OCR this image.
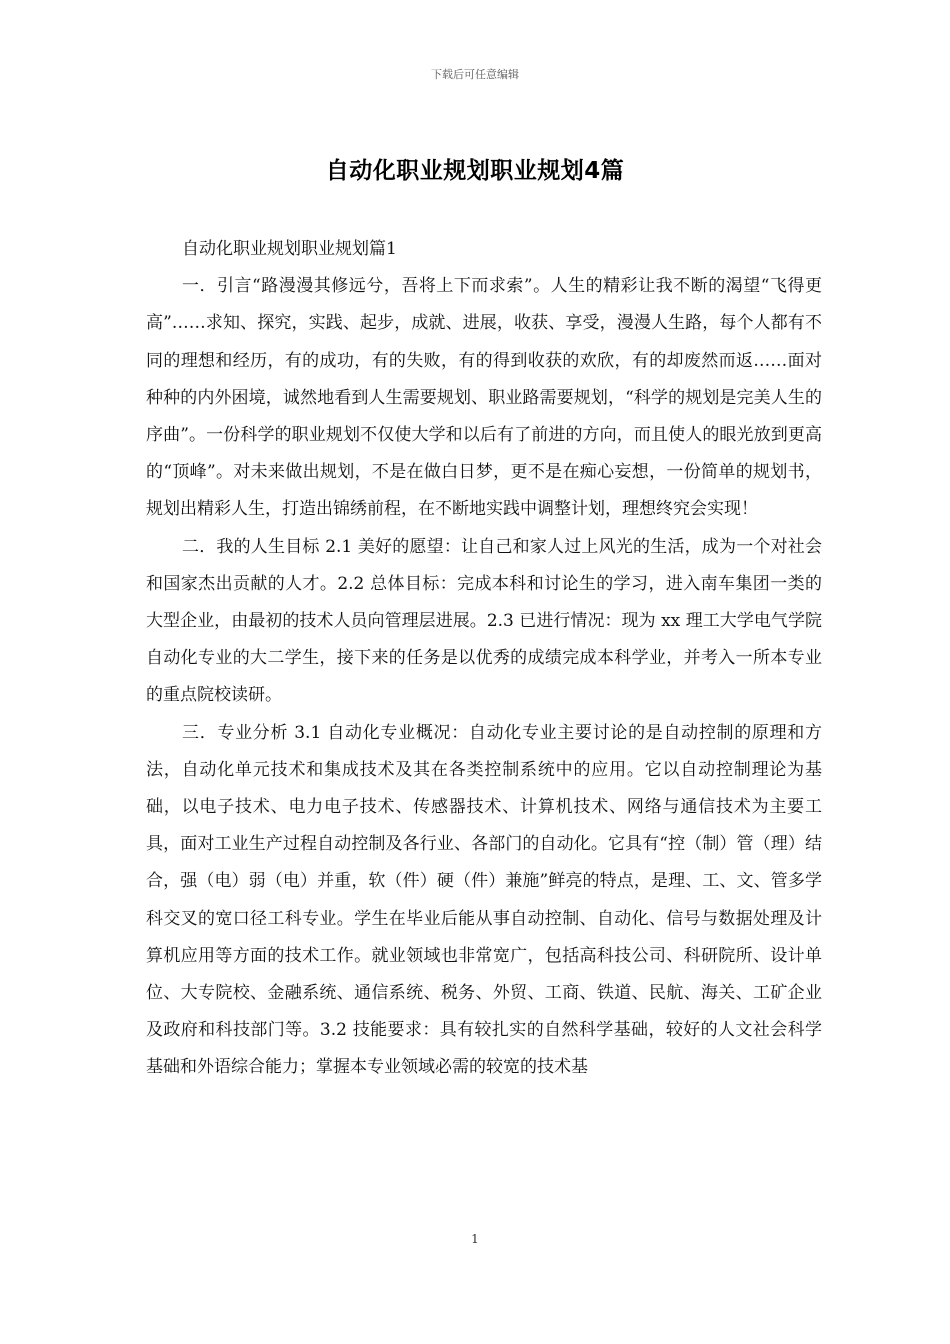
下载后可任意编辑
自动化职业规划职业规划4篇

自动化职业规划职业规划篇1

一．引言“路漫漫其修远兮，吾将上下而求索”。人生的精彩让我不断的渴望“飞得更高”……求知、探究，实践、起步，成就、进展，收获、享受，漫漫人生路，每个人都有不同的理想和经历，有的成功，有的失败，有的得到收获的欢欣，有的却废然而返……面对种种的内外困境，诚然地看到人生需要规划、职业路需要规划，“科学的规划是完美人生的序曲”。一份科学的职业规划不仅使大学和以后有了前进的方向，而且使人的眼光放到更高的“顶峰”。对未来做出规划，不是在做白日梦，更不是在痴心妄想，一份简单的规划书，规划出精彩人生，打造出锦绣前程，在不断地实践中调整计划，理想终究会实现！

二．我的人生目标 2.1 美好的愿望：让自己和家人过上风光的生活，成为一个对社会和国家杰出贡献的人才。2.2 总体目标：完成本科和讨论生的学习，进入南车集团一类的大型企业，由最初的技术人员向管理层进展。2.3 已进行情况：现为 xx 理工大学电气学院自动化专业的大二学生，接下来的任务是以优秀的成绩完成本科学业，并考入一所本专业的重点院校读研。

三．专业分析 3.1 自动化专业概况：自动化专业主要讨论的是自动控制的原理和方法，自动化单元技术和集成技术及其在各类控制系统中的应用。它以自动控制理论为基础，以电子技术、电力电子技术、传感器技术、计算机技术、网络与通信技术为主要工具，面对工业生产过程自动控制及各行业、各部门的自动化。它具有“控（制）管（理）结合，强（电）弱（电）并重，软（件）硬（件）兼施”鲜亮的特点，是理、工、文、管多学科交叉的宽口径工科专业。学生在毕业后能从事自动控制、自动化、信号与数据处理及计算机应用等方面的技术工作。就业领域也非常宽广，包括高科技公司、科研院所、设计单位、大专院校、金融系统、通信系统、税务、外贸、工商、铁道、民航、海关、工矿企业及政府和科技部门等。3.2 技能要求：具有较扎实的自然科学基础，较好的人文社会科学基础和外语综合能力；掌握本专业领域必需的较宽的技术基

1
